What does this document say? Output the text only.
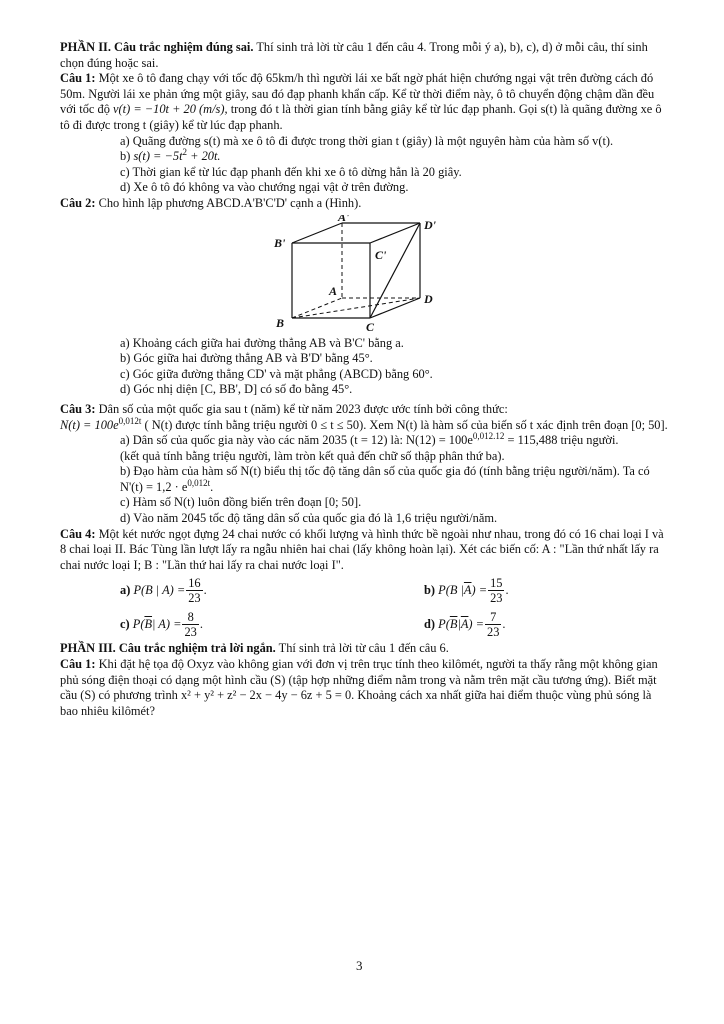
PHẦN II. Câu trắc nghiệm đúng sai. Thí sinh trả lời từ câu 1 đến câu 4. Trong mỗi ý a), b), c), d) ở mỗi câu, thí sinh chọn đúng hoặc sai.

Câu 1: Một xe ô tô đang chạy với tốc độ 65km/h thì người lái xe bất ngờ phát hiện chướng ngại vật trên đường cách đó 50m. Người lái xe phản ứng một giây, sau đó đạp phanh khẩn cấp. Kể từ thời điểm này, ô tô chuyển động chậm dần đều với tốc độ v(t) = −10t + 20 (m/s), trong đó t là thời gian tính bằng giây kể từ lúc đạp phanh. Gọi s(t) là quãng đường xe ô tô đi được trong t (giây) kể từ lúc đạp phanh.

a) Quãng đường s(t) mà xe ô tô đi được trong thời gian t (giây) là một nguyên hàm của hàm số v(t).

b) $s(t) = -5t^2 + 20t$.

c) Thời gian kể từ lúc đạp phanh đến khi xe ô tô dừng hẳn là 20 giây.

d) Xe ô tô đó không va vào chướng ngại vật ở trên đường.

Câu 2: Cho hình lập phương ABCD.A'B'C'D' cạnh a (Hình).

A'
B'
C'
D'
A
B	C
D

a) Khoảng cách giữa hai đường thẳng AB và B'C' bằng a.

b) Góc giữa hai đường thẳng AB và B'D' bằng 45°.

c) Góc giữa đường thẳng CD' và mặt phẳng (ABCD) bằng 60°.

d) Góc nhị diện [C, BB', D] có số đo bằng 45°.

Câu 3: Dân số của một quốc gia sau t (năm) kể từ năm 2023 được ước tính bởi công thức:

$N(t) = 100e^{0,012t}$ ( N(t) được tính bằng triệu người 0 ≤ t ≤ 50). Xem N(t) là hàm số của biến số t xác định trên đoạn [0; 50].

a) Dân số của quốc gia này vào các năm 2035 (t = 12) là: $N(12) = 100e^{0,012.12} = 115,488$ triệu người.

(kết quả tính bằng triệu người, làm tròn kết quả đến chữ số thập phân thứ ba).

b) Đạo hàm của hàm số N(t) biểu thị tốc độ tăng dân số của quốc gia đó (tính bằng triệu người/năm). Ta có $N'(t) = 1,2 \cdot e^{0,012t}$.

c) Hàm số N(t) luôn đồng biến trên đoạn [0; 50].

d) Vào năm 2045 tốc độ tăng dân số của quốc gia đó là 1,6 triệu người/năm.

Câu 4: Một két nước ngọt đựng 24 chai nước có khối lượng và hình thức bề ngoài như nhau, trong đó có 16 chai loại I và 8 chai loại II. Bác Tùng lần lượt lấy ra ngẫu nhiên hai chai (lấy không hoàn lại). Xét các biến cố: A : "Lần thứ nhất lấy ra chai nước loại I; B : "Lần thứ hai lấy ra chai nước loại I".

a)
P(B | $A) = \frac{16}{23}$ .	b)
P(B | $\overline{A}$ ) = $\frac{15}{23}$ .
c)
P( $\overline{B}$ | $A) = \frac{8}{23}$ .	d)
P( $\overline{B}$ | $\overline{A}$ ) = $\frac{7}{23}$ .

PHẦN III. Câu trắc nghiệm trả lời ngắn. Thí sinh trả lời từ câu 1 đến câu 6.

Câu 1: Khi đặt hệ tọa độ Oxyz vào không gian với đơn vị trên trục tính theo kilômét, người ta thấy rằng một không gian phủ sóng điện thoại có dạng một hình cầu (S) (tập hợp những điểm nằm trong và nằm trên mặt cầu tương ứng). Biết mặt cầu (S) có phương trình x² + y² + z² − 2x − 4y − 6z + 5 = 0. Khoảng cách xa nhất giữa hai điểm thuộc vùng phủ sóng là bao nhiêu kilômét?

3
